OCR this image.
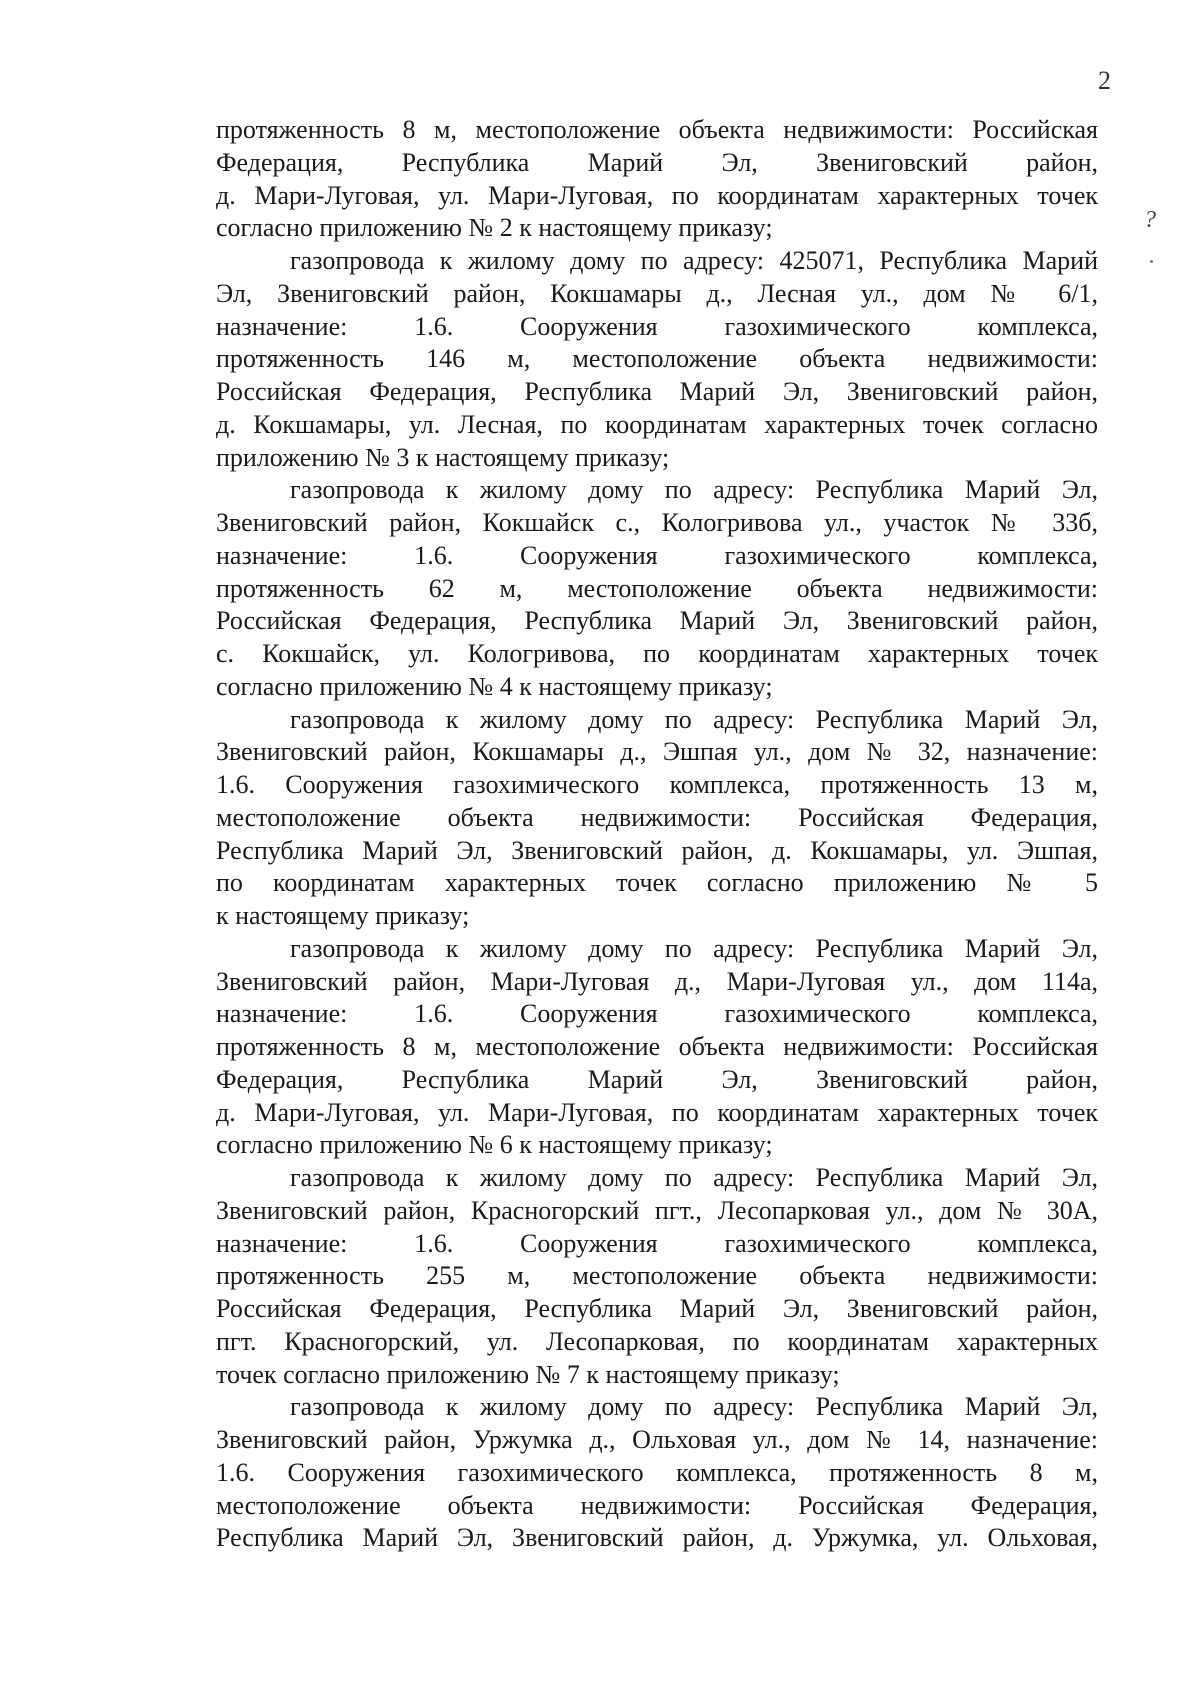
2
?
протяженность 8 м, местоположение объекта недвижимости: Российская
Федерация, Республика Марий Эл, Звениговский район,
д. Мари-Луговая, ул. Мари-Луговая, по координатам характерных точек
согласно приложению № 2 к настоящему приказу;
газопровода к жилому дому по адресу: 425071, Республика Марий
Эл, Звениговский район, Кокшамары д., Лесная ул., дом № 6/1,
назначение: 1.6. Сооружения газохимического комплекса,
протяженность 146 м, местоположение объекта недвижимости:
Российская Федерация, Республика Марий Эл, Звениговский район,
д. Кокшамары, ул. Лесная, по координатам характерных точек согласно
приложению № 3 к настоящему приказу;
газопровода к жилому дому по адресу: Республика Марий Эл,
Звениговский район, Кокшайск с., Кологривова ул., участок № 33б,
назначение: 1.6. Сооружения газохимического комплекса,
протяженность 62 м, местоположение объекта недвижимости:
Российская Федерация, Республика Марий Эл, Звениговский район,
с. Кокшайск, ул. Кологривова, по координатам характерных точек
согласно приложению № 4 к настоящему приказу;
газопровода к жилому дому по адресу: Республика Марий Эл,
Звениговский район, Кокшамары д., Эшпая ул., дом № 32, назначение:
1.6. Сооружения газохимического комплекса, протяженность 13 м,
местоположение объекта недвижимости: Российская Федерация,
Республика Марий Эл, Звениговский район, д. Кокшамары, ул. Эшпая,
по координатам характерных точек согласно приложению № 5
к настоящему приказу;
газопровода к жилому дому по адресу: Республика Марий Эл,
Звениговский район, Мари-Луговая д., Мари-Луговая ул., дом 114а,
назначение: 1.6. Сооружения газохимического комплекса,
протяженность 8 м, местоположение объекта недвижимости: Российская
Федерация, Республика Марий Эл, Звениговский район,
д. Мари-Луговая, ул. Мари-Луговая, по координатам характерных точек
согласно приложению № 6 к настоящему приказу;
газопровода к жилому дому по адресу: Республика Марий Эл,
Звениговский район, Красногорский пгт., Лесопарковая ул., дом № 30А,
назначение: 1.6. Сооружения газохимического комплекса,
протяженность 255 м, местоположение объекта недвижимости:
Российская Федерация, Республика Марий Эл, Звениговский район,
пгт. Красногорский, ул. Лесопарковая, по координатам характерных
точек согласно приложению № 7 к настоящему приказу;
газопровода к жилому дому по адресу: Республика Марий Эл,
Звениговский район, Уржумка д., Ольховая ул., дом № 14, назначение:
1.6. Сооружения газохимического комплекса, протяженность 8 м,
местоположение объекта недвижимости: Российская Федерация,
Республика Марий Эл, Звениговский район, д. Уржумка, ул. Ольховая,
